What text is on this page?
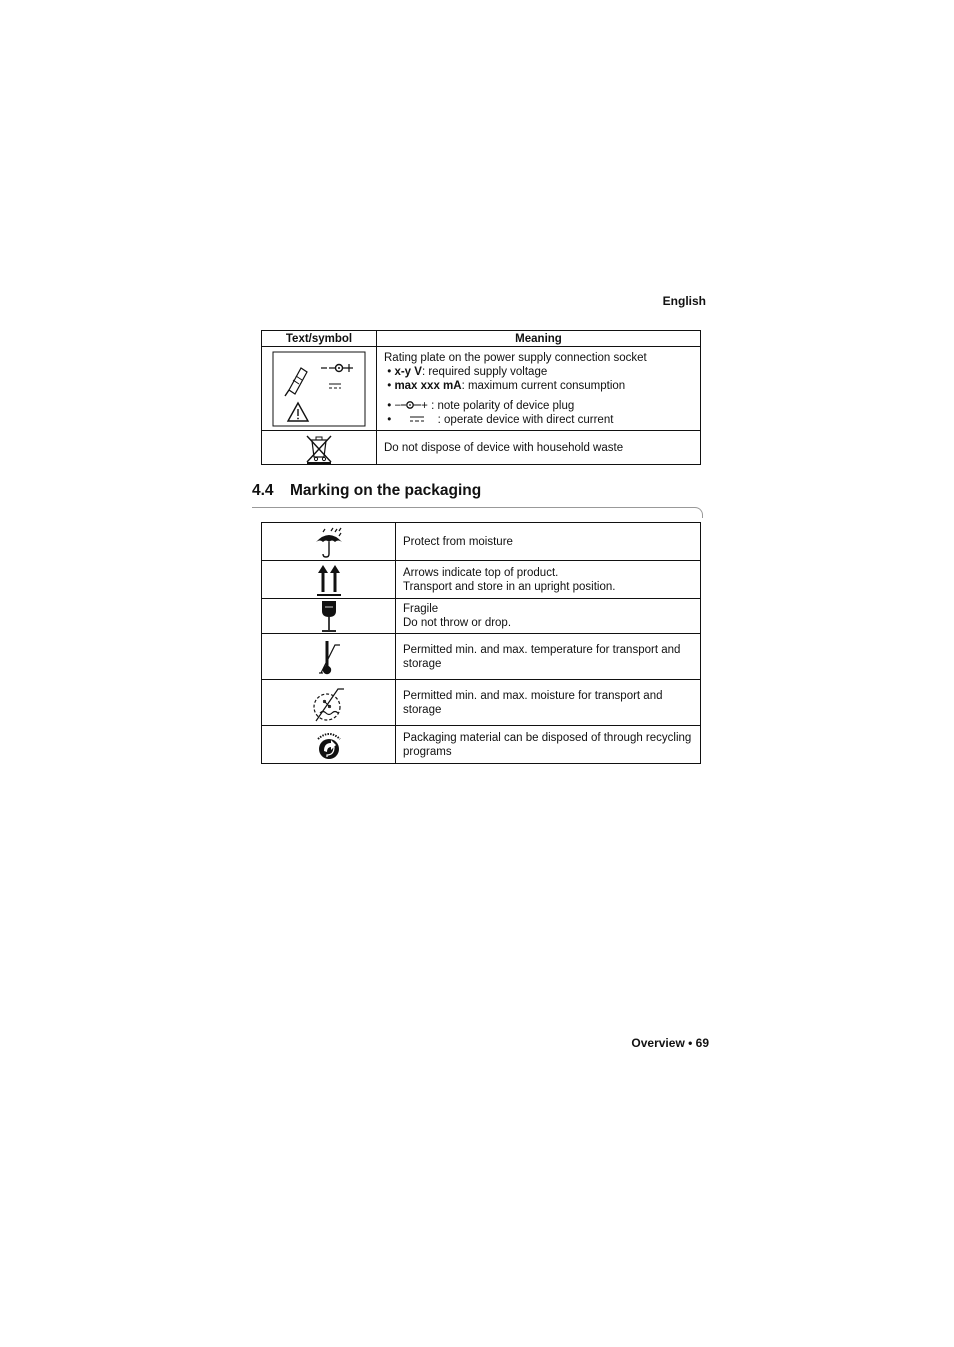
English
Text/symbol	Meaning

Rating plate on the power supply connection socket
• x-y V: required supply voltage
• max xxx mA: maximum current consumption
• − + : note polarity of device plug
• : operate device with direct current

	Do not dispose of device with household waste
4.4 Marking on the packaging

Protect from moisture

Arrows indicate top of product.
Transport and store in an upright position.

Fragile
Do not throw or drop.

Permitted min. and max. temperature for transport and storage

Permitted min. and max. moisture for transport and storage

Packaging material can be disposed of through recycling programs
Overview • 69
